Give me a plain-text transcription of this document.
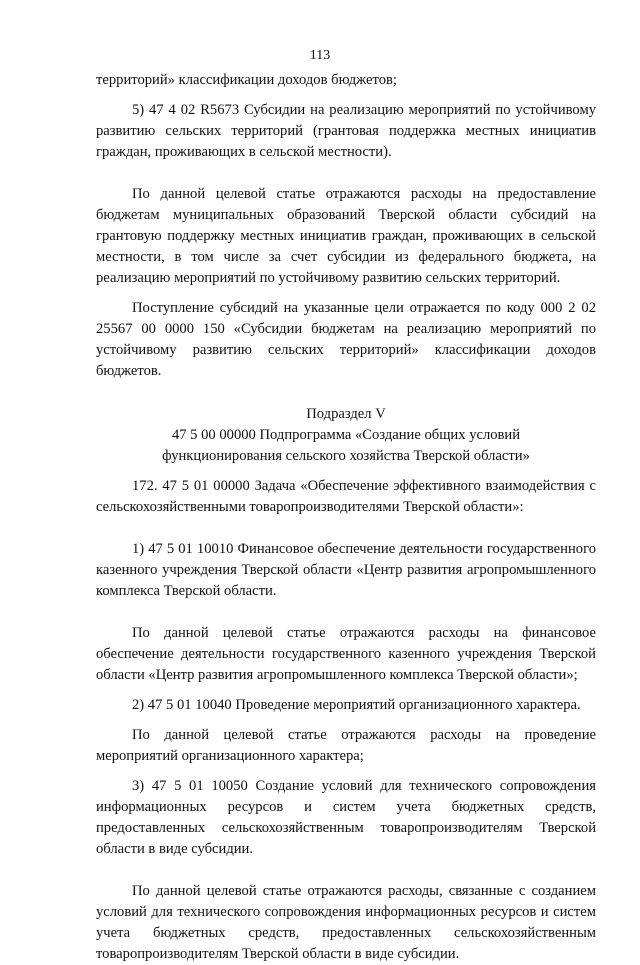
113

территорий» классификации доходов бюджетов;

5) 47 4 02 R5673 Субсидии на реализацию мероприятий по устойчивому развитию сельских территорий (грантовая поддержка местных инициатив граждан, проживающих в сельской местности).

По данной целевой статье отражаются расходы на предоставление бюджетам муниципальных образований Тверской области субсидий на грантовую поддержку местных инициатив граждан, проживающих в сельской местности, в том числе за счет субсидии из федерального бюджета, на реализацию мероприятий по устойчивому развитию сельских территорий.

Поступление субсидий на указанные цели отражается по коду 000 2 02 25567 00 0000 150 «Субсидии бюджетам на реализацию мероприятий по устойчивому развитию сельских территорий» классификации доходов бюджетов.

Подраздел V

47 5 00 00000 Подпрограмма «Создание общих условий

функционирования сельского хозяйства Тверской области»

172. 47 5 01 00000 Задача «Обеспечение эффективного взаимодействия с сельскохозяйственными товаропроизводителями Тверской области»:

1) 47 5 01 10010 Финансовое обеспечение деятельности государственного казенного учреждения Тверской области «Центр развития агропромышленного комплекса Тверской области.

По данной целевой статье отражаются расходы на финансовое обеспечение деятельности государственного казенного учреждения Тверской области «Центр развития агропромышленного комплекса Тверской области»;

2) 47 5 01 10040 Проведение мероприятий организационного характера.

По данной целевой статье отражаются расходы на проведение мероприятий организационного характера;

3) 47 5 01 10050 Создание условий для технического сопровождения информационных ресурсов и систем учета бюджетных средств, предоставленных сельскохозяйственным товаропроизводителям Тверской области в виде субсидии.

По данной целевой статье отражаются расходы, связанные с созданием условий для технического сопровождения информационных ресурсов и систем учета бюджетных средств, предоставленных сельскохозяйственным товаропроизводителям Тверской области в виде субсидии.
